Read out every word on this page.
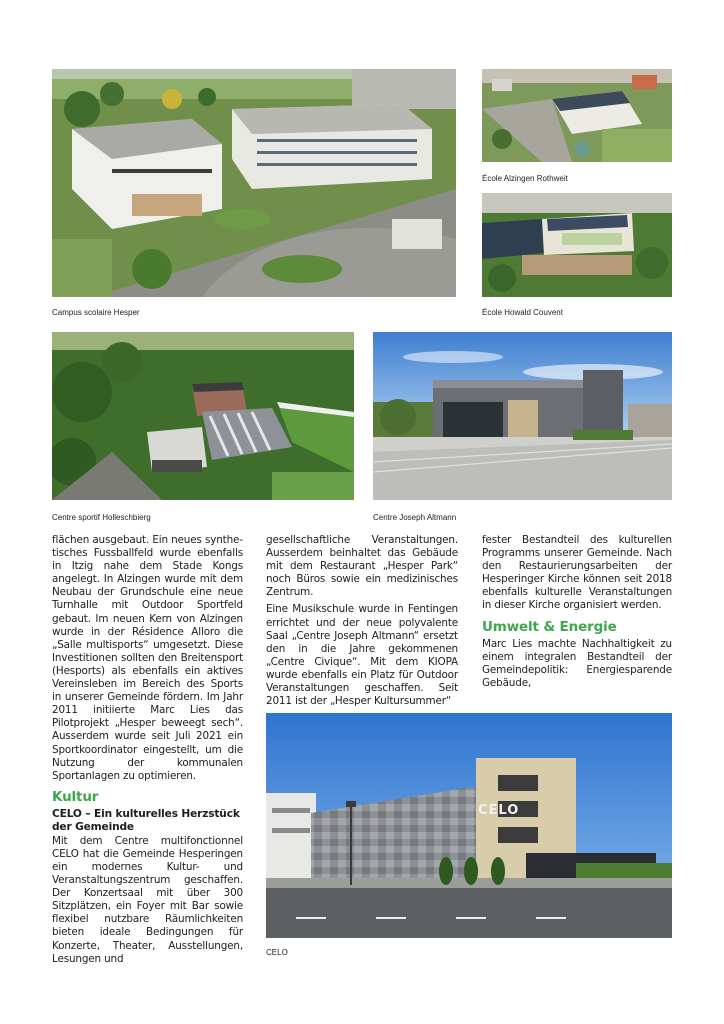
Campus scolaire Hesper
École Alzingen Rothweit
École Howald Couvent
Centre sportif Holleschbierg	Centre Joseph Altmann

flächen ausgebaut. Ein neues synthetisches Fussballfeld wurde ebenfalls in Itzig nahe dem Stade Kongs angelegt. In Alzingen wurde mit dem Neubau der Grundschule eine neue Turnhalle mit Outdoor Sportfeld gebaut. Im neuen Kern von Alzingen wurde in der Résidence Alloro die „Salle multisports“ umgesetzt. Diese Investitionen sollten den Breitensport (Hesports) als ebenfalls ein aktives Vereinsleben im Bereich des Sports in unserer Gemeinde fördern. Im Jahr 2011 initiierte Marc Lies das Pilotprojekt „Hesper beweegt sech“. Ausserdem wurde seit Juli 2021 ein Sportkoordinator eingestellt, um die Nutzung der kommunalen Sportanlagen zu optimieren.

Kultur
CELO – Ein kulturelles Herzstück der Gemeinde

Mit dem Centre multifonctionnel CELO hat die Gemeinde Hesperingen ein modernes Kultur- und Veranstaltungszentrum geschaffen. Der Konzertsaal mit über 300 Sitzplätzen, ein Foyer mit Bar sowie flexibel nutzbare Räumlichkeiten bieten ideale Bedingungen für Konzerte, Theater, Ausstellungen, Lesungen und

gesellschaftliche Veranstaltungen. Ausserdem beinhaltet das Gebäude mit dem Restaurant „Hesper Park“ noch Büros sowie ein medizinisches Zentrum.

Eine Musikschule wurde in Fentingen errichtet und der neue polyvalente Saal „Centre Joseph Altmann“ ersetzt den in die Jahre gekommenen „Centre Civique“. Mit dem KIOPA wurde ebenfalls ein Platz für Outdoor Veranstaltungen geschaffen. Seit 2011 ist der „Hesper Kultursummer“

fester Bestandteil des kulturellen Programms unserer Gemeinde. Nach den Restaurierungsarbeiten der Hesperinger Kirche können seit 2018 ebenfalls kulturelle Veranstaltungen in dieser Kirche organisiert werden.

Umwelt & Energie

Marc Lies machte Nachhaltigkeit zu einem integralen Bestandteil der Gemeindepolitik: Energiesparende Gebäude,

CELO
CELO
